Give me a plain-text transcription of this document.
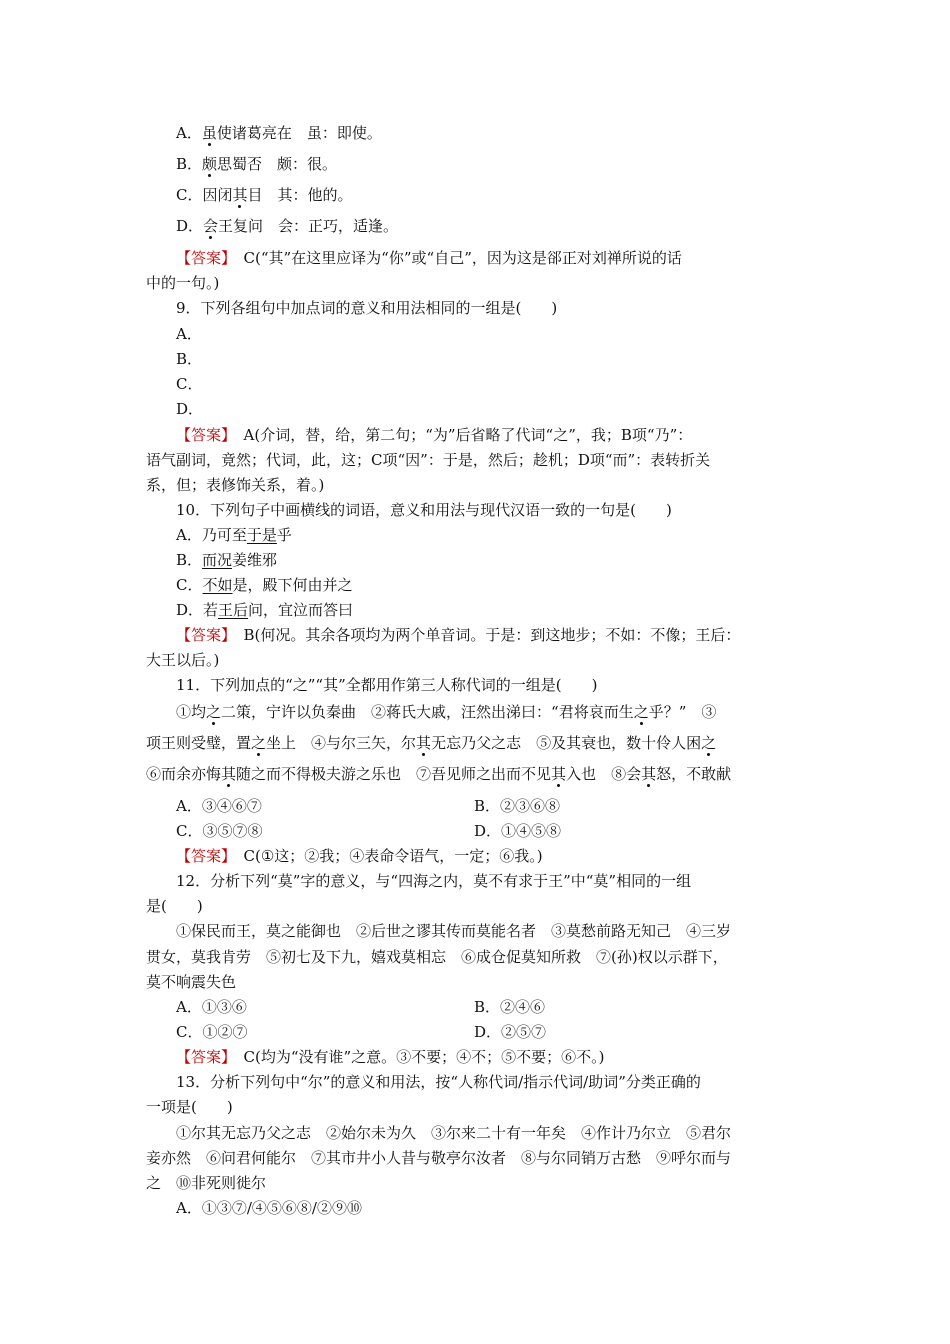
A．虽使诸葛亮在　虽：即使。
B．颇思蜀否　颇：很。
C．因闭其目　其：他的。
D．会王复问　会：正巧，适逢。
【答案】　C(“其”在这里应译为“你”或“自己”，因为这是郤正对刘禅所说的话
中的一句。)
9．下列各组句中加点词的意义和用法相同的一组是(　　)
A．
B．
C．
D．
【答案】　A(介词，替，给，第二句；“为”后省略了代词“之”，我；B项“乃”：
语气副词，竟然；代词，此，这；C项“因”：于是，然后；趁机；D项“而”：表转折关
系，但；表修饰关系，着。)
10．下列句子中画横线的词语，意义和用法与现代汉语一致的一句是(　　)
A．乃可至于是乎
B．而况姜维邪
C．不如是，殿下何由并之
D．若王后问，宜泣而答曰
【答案】　B(何况。其余各项均为两个单音词。于是：到这地步；不如：不像；王后：
大王以后。)
11．下列加点的“之”“其”全都用作第三人称代词的一组是(　　)
①均之二策，宁许以负秦曲　②蒋氏大戚，汪然出涕曰：“君将哀而生之乎？”　③
项王则受璧，置之坐上　④与尔三矢，尔其无忘乃父之志　⑤及其衰也，数十伶人困之
⑥而余亦悔其随之而不得极夫游之乐也　⑦吾见师之出而不见其入也　⑧会其怒，不敢献
A．③④⑥⑦	B．②③⑥⑧
C．③⑤⑦⑧	D．①④⑤⑧
【答案】　C(①这；②我；④表命令语气，一定；⑥我。)
12．分析下列“莫”字的意义，与“四海之内，莫不有求于王”中“莫”相同的一组
是(　　)
①保民而王，莫之能御也　②后世之谬其传而莫能名者　③莫愁前路无知己　④三岁
贯女，莫我肯劳　⑤初七及下九，嬉戏莫相忘　⑥成仓促莫知所救　⑦(孙)权以示群下，
莫不响震失色
A．①③⑥	B．②④⑥
C．①②⑦	D．②⑤⑦
【答案】　C(均为“没有谁”之意。③不要；④不；⑤不要；⑥不。)
13．分析下列句中“尔”的意义和用法，按“人称代词/指示代词/助词”分类正确的
一项是(　　)
①尔其无忘乃父之志　②始尔未为久　③尔来二十有一年矣　④作计乃尔立　⑤君尔
妾亦然　⑥问君何能尔　⑦其市井小人昔与敬亭尔汝者　⑧与尔同销万古愁　⑨呼尔而与
之　⑩非死则徙尔
A．①③⑦/④⑤⑥⑧/②⑨⑩
